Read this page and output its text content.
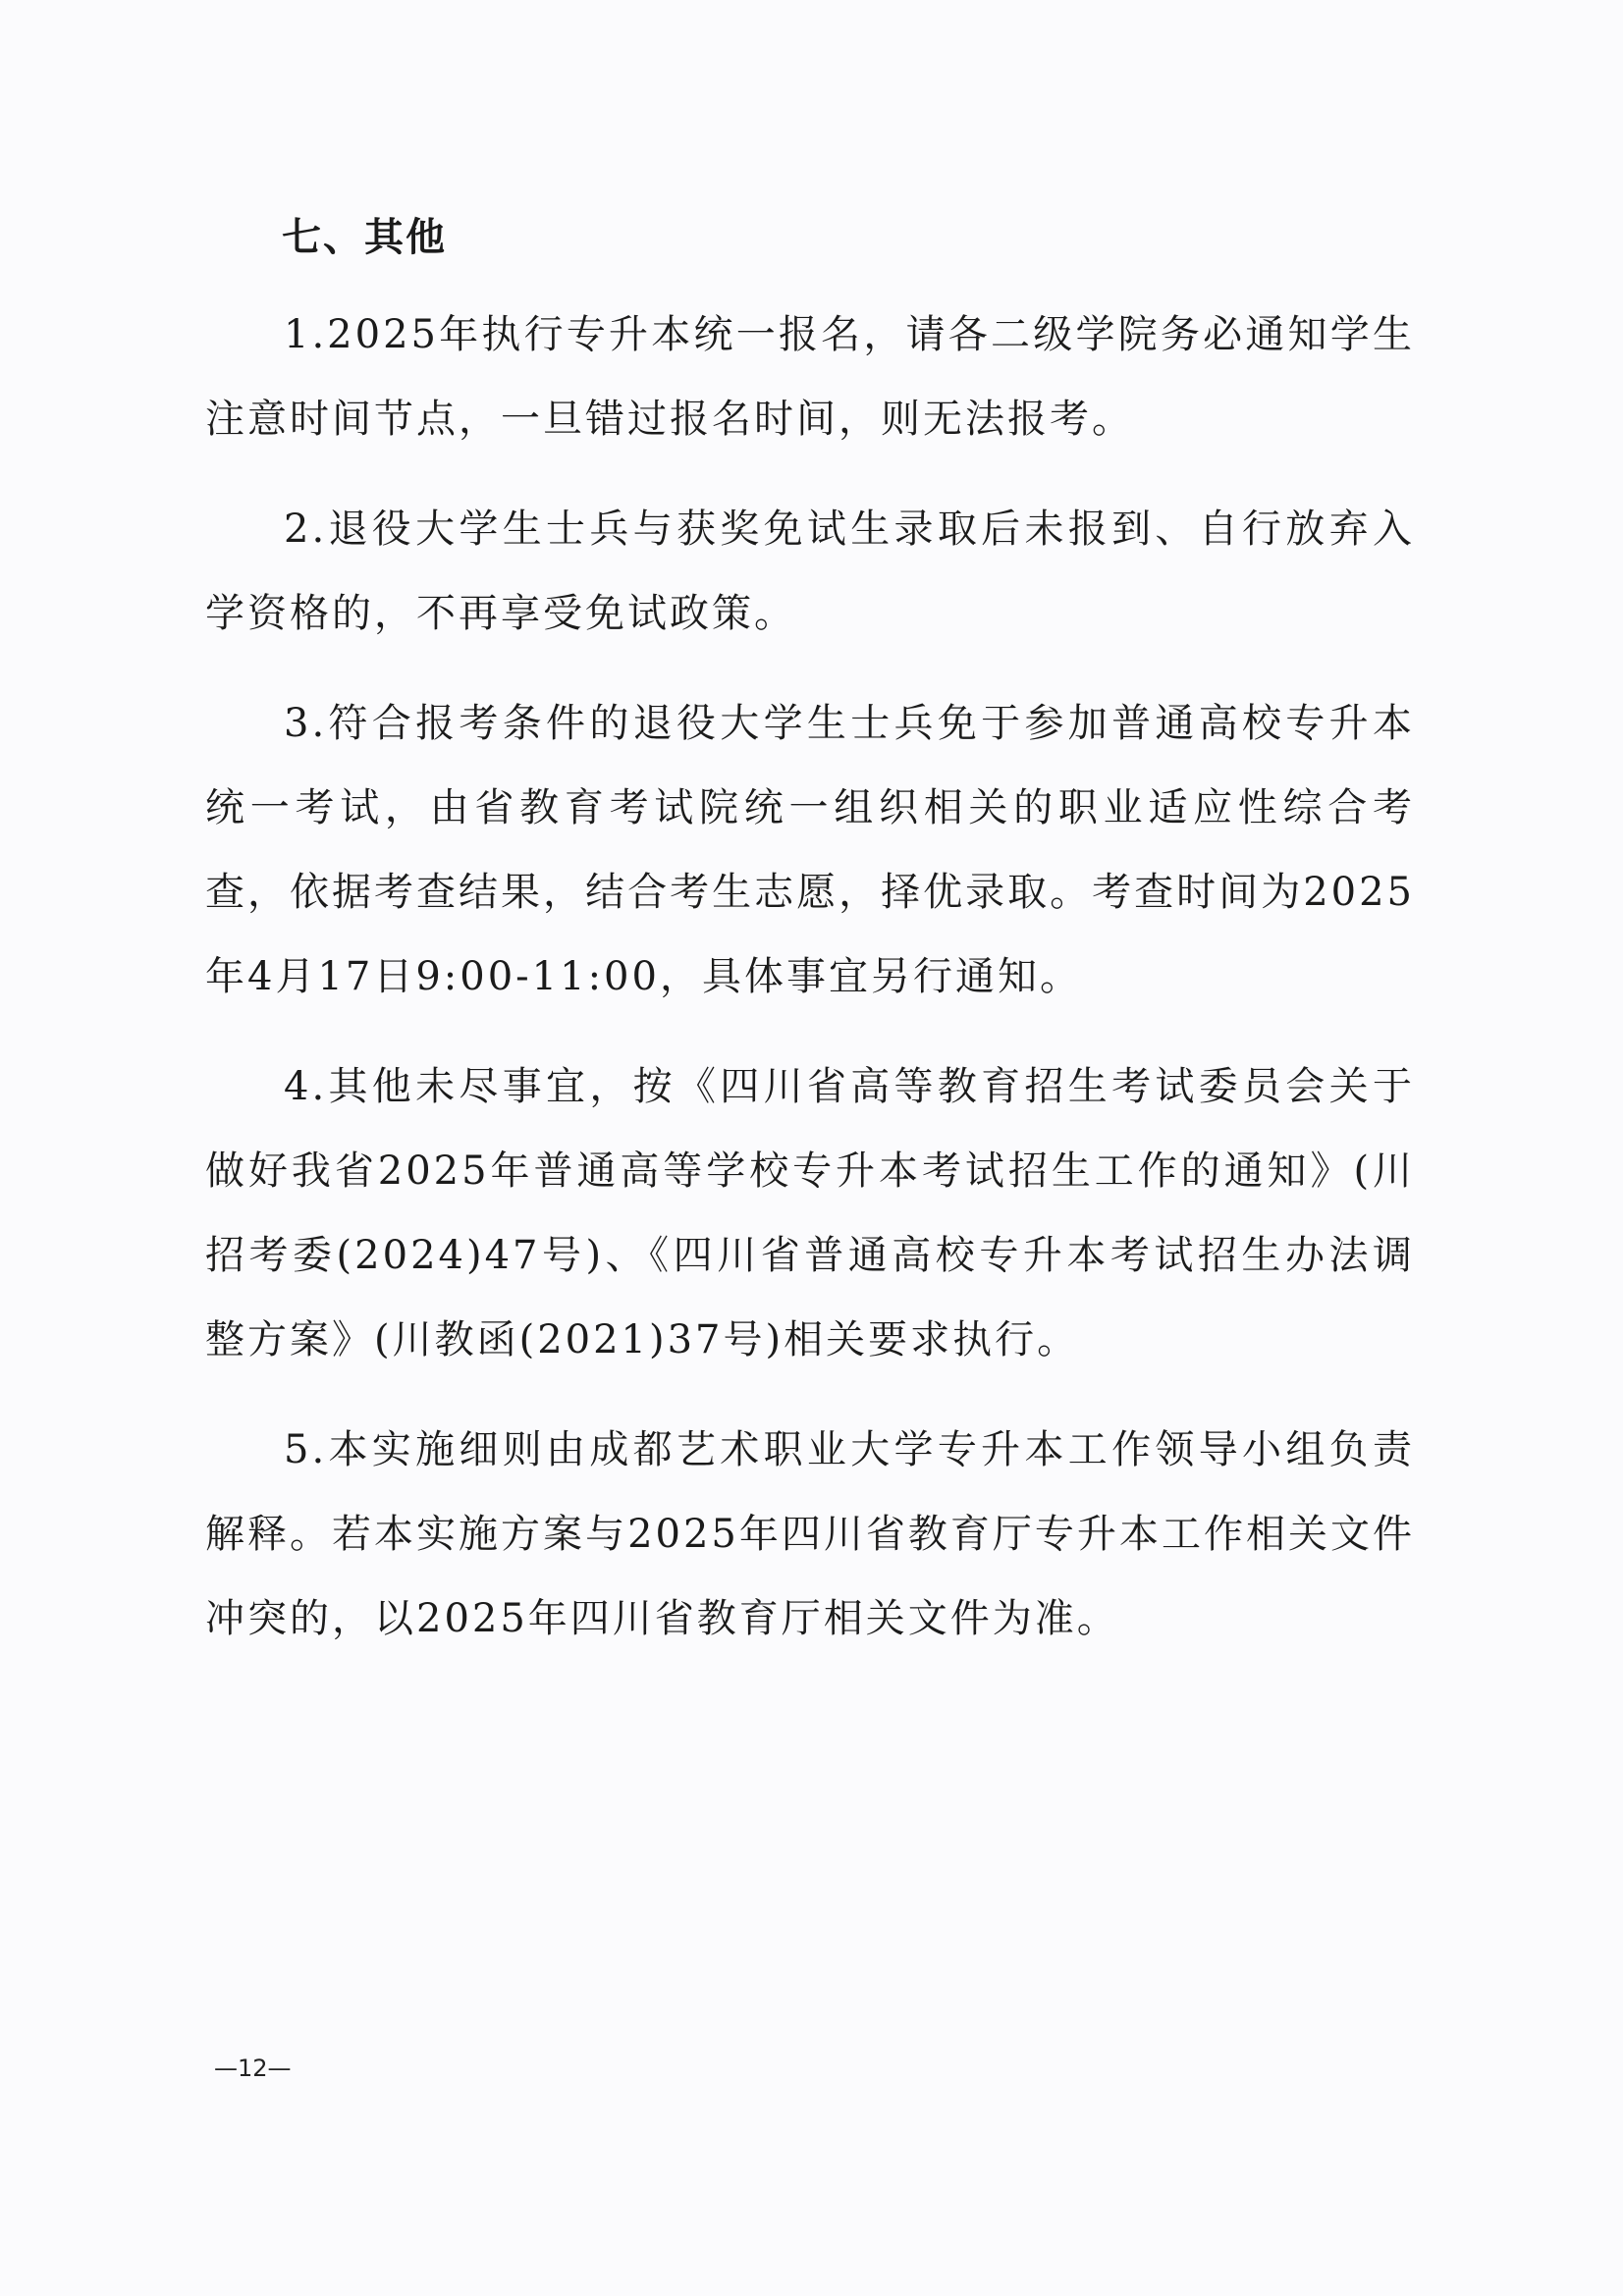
七、其他

1.2025年执行专升本统一报名，请各二级学院务必通知学生注意时间节点，一旦错过报名时间，则无法报考。

2.退役大学生士兵与获奖免试生录取后未报到、自行放弃入学资格的，不再享受免试政策。

3.符合报考条件的退役大学生士兵免于参加普通高校专升本统一考试，由省教育考试院统一组织相关的职业适应性综合考查，依据考查结果，结合考生志愿，择优录取。考查时间为2025年4月17日9:00-11:00，具体事宜另行通知。

4.其他未尽事宜，按《四川省高等教育招生考试委员会关于做好我省2025年普通高等学校专升本考试招生工作的通知》(川招考委(2024)47号)、《四川省普通高校专升本考试招生办法调整方案》(川教函(2021)37号)相关要求执行。

5.本实施细则由成都艺术职业大学专升本工作领导小组负责解释。若本实施方案与2025年四川省教育厅专升本工作相关文件冲突的，以2025年四川省教育厅相关文件为准。

—12—
